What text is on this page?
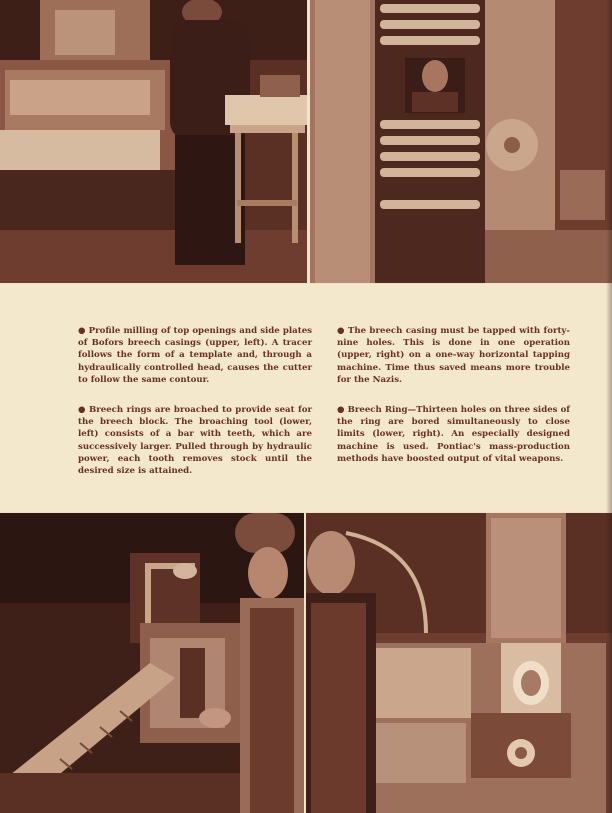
● Profile milling of top openings and side plates of Bofors breech casings (upper, left). A tracer follows the form of a template and, through a hydraulically controlled head, causes the cutter to follow the same contour.

● Breech rings are broached to provide seat for the breech block. The broaching tool (lower, left) consists of a bar with teeth, which are successively larger. Pulled through by hydraulic power, each tooth removes stock until the desired size is attained.

● The breech casing must be tapped with forty-nine holes. This is done in one operation (upper, right) on a one-way horizontal tapping machine. Time thus saved means more trouble for the Nazis.

● Breech Ring—Thirteen holes on three sides of the ring are bored simultaneously to close limits (lower, right). An especially designed machine is used. Pontiac's mass-production methods have boosted output of vital weapons.
